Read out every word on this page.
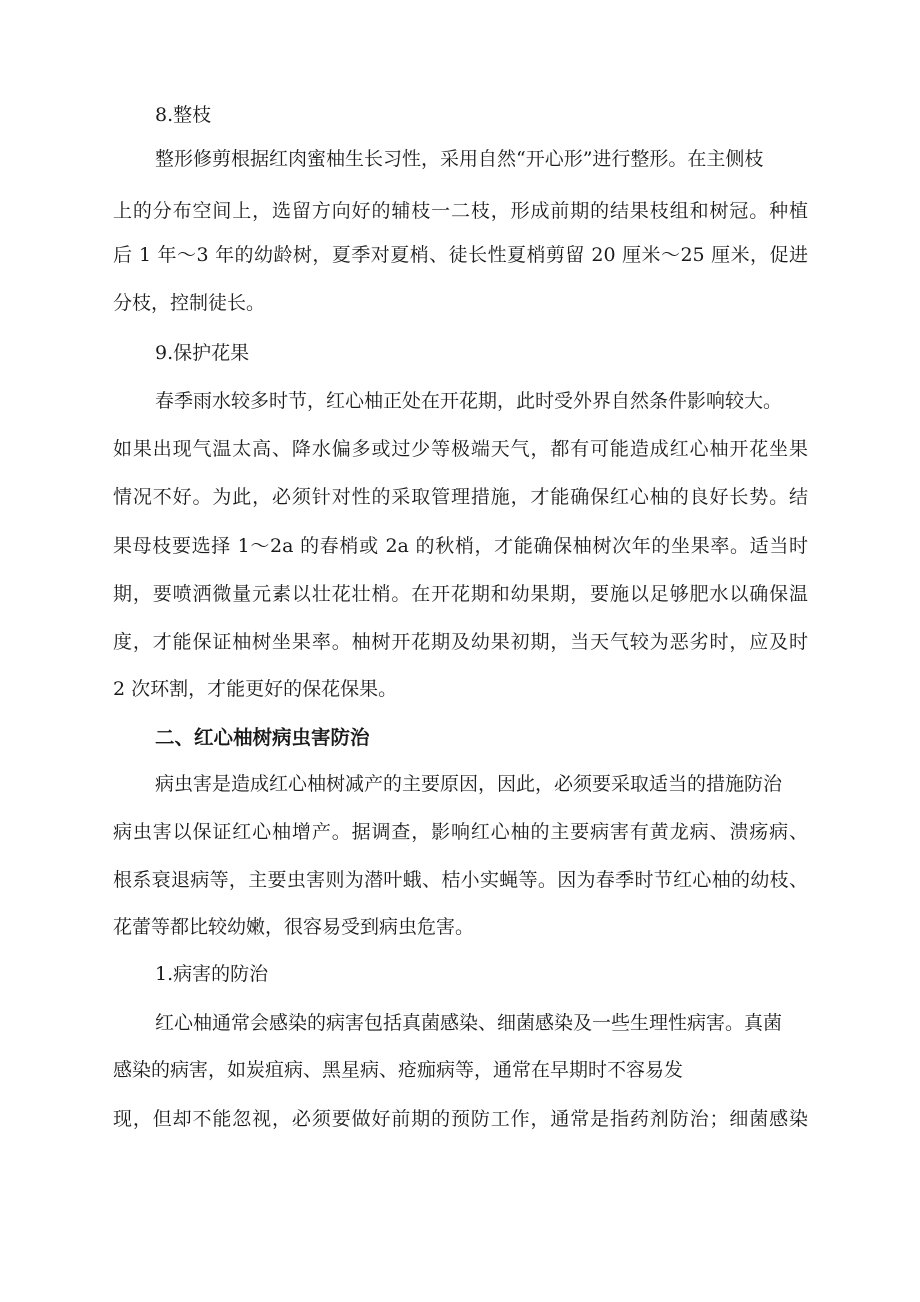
8.整枝
整形修剪根据红肉蜜柚生长习性，采用自然“开心形”进行整形。在主侧枝
上的分布空间上，选留方向好的辅枝一二枝，形成前期的结果枝组和树冠。种植
后 1 年～3 年的幼龄树，夏季对夏梢、徒长性夏梢剪留 20 厘米～25 厘米，促进
分枝，控制徒长。
9.保护花果
春季雨水较多时节，红心柚正处在开花期，此时受外界自然条件影响较大。
如果出现气温太高、降水偏多或过少等极端天气，都有可能造成红心柚开花坐果
情况不好。为此，必须针对性的采取管理措施，才能确保红心柚的良好长势。结
果母枝要选择 1～2a 的春梢或 2a 的秋梢，才能确保柚树次年的坐果率。适当时
期，要喷洒微量元素以壮花壮梢。在开花期和幼果期，要施以足够肥水以确保温
度，才能保证柚树坐果率。柚树开花期及幼果初期，当天气较为恶劣时，应及时
2 次环割，才能更好的保花保果。
二、红心柚树病虫害防治
病虫害是造成红心柚树减产的主要原因，因此，必须要采取适当的措施防治
病虫害以保证红心柚增产。据调查，影响红心柚的主要病害有黄龙病、溃疡病、
根系衰退病等，主要虫害则为潜叶蛾、桔小实蝇等。因为春季时节红心柚的幼枝、
花蕾等都比较幼嫩，很容易受到病虫危害。
1.病害的防治
红心柚通常会感染的病害包括真菌感染、细菌感染及一些生理性病害。真菌
感染的病害，如炭疽病、黑星病、疮痂病等，通常在早期时不容易发
现，但却不能忽视，必须要做好前期的预防工作，通常是指药剂防治；细菌感染
